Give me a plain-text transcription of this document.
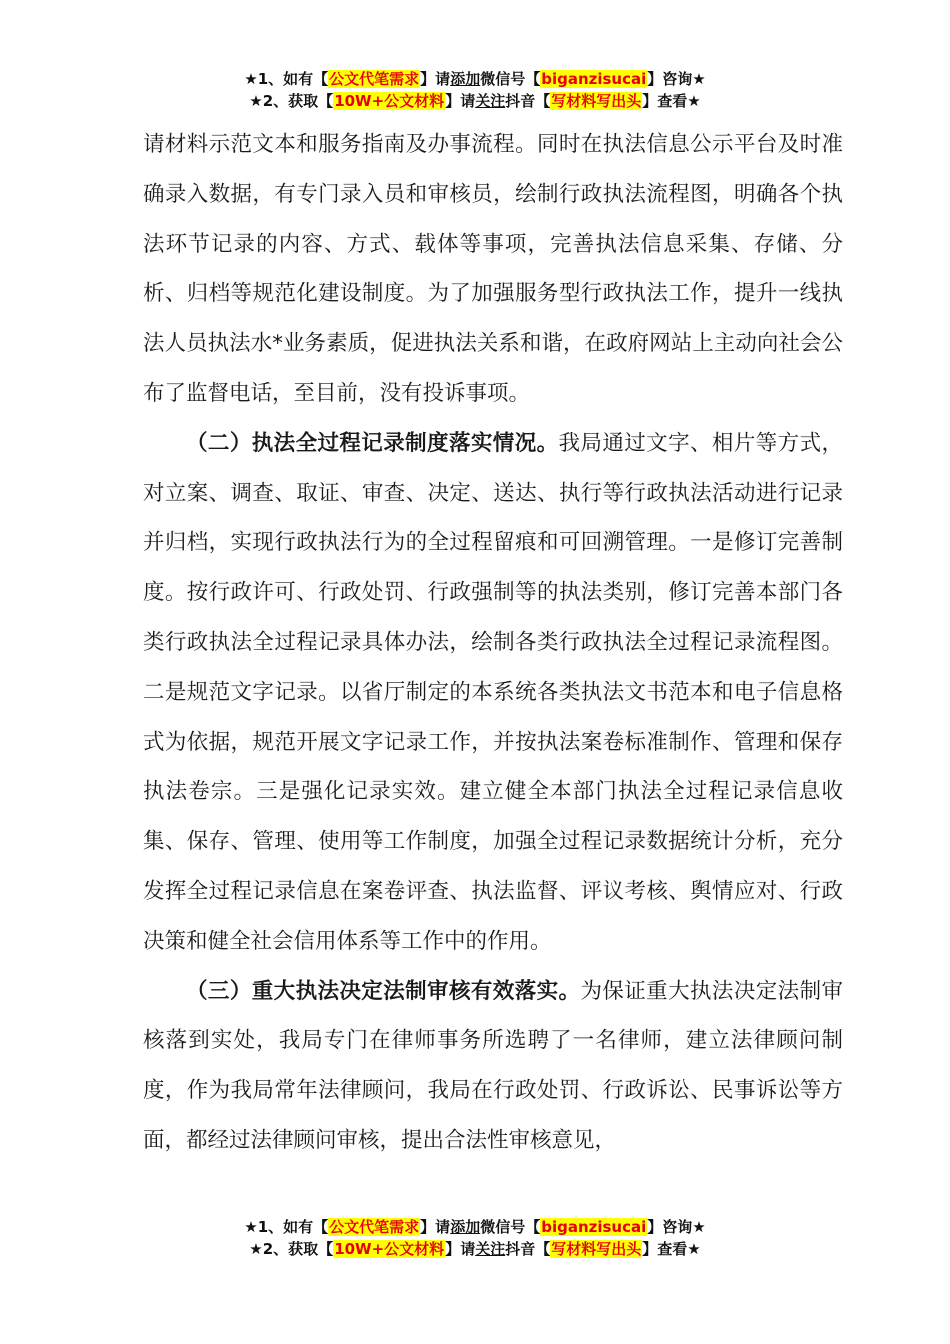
★1、如有【公文代笔需求】请添加微信号【biganzisucai】咨询★
★2、获取【10W+公文材料】请关注抖音【写材料写出头】查看★

请材料示范文本和服务指南及办事流程。同时在执法信息公示平台及时准确录入数据，有专门录入员和审核员，绘制行政执法流程图，明确各个执法环节记录的内容、方式、载体等事项，完善执法信息采集、存储、分析、归档等规范化建设制度。为了加强服务型行政执法工作，提升一线执法人员执法水*业务素质，促进执法关系和谐，在政府网站上主动向社会公布了监督电话，至目前，没有投诉事项。

（二）执法全过程记录制度落实情况。我局通过文字、相片等方式，对立案、调查、取证、审查、决定、送达、执行等行政执法活动进行记录并归档，实现行政执法行为的全过程留痕和可回溯管理。一是修订完善制度。按行政许可、行政处罚、行政强制等的执法类别，修订完善本部门各类行政执法全过程记录具体办法，绘制各类行政执法全过程记录流程图。二是规范文字记录。以省厅制定的本系统各类执法文书范本和电子信息格式为依据，规范开展文字记录工作，并按执法案卷标准制作、管理和保存执法卷宗。三是强化记录实效。建立健全本部门执法全过程记录信息收集、保存、管理、使用等工作制度，加强全过程记录数据统计分析，充分发挥全过程记录信息在案卷评查、执法监督、评议考核、舆情应对、行政决策和健全社会信用体系等工作中的作用。

（三）重大执法决定法制审核有效落实。为保证重大执法决定法制审核落到实处，我局专门在律师事务所选聘了一名律师，建立法律顾问制度，作为我局常年法律顾问，我局在行政处罚、行政诉讼、民事诉讼等方面，都经过法律顾问审核，提出合法性审核意见，

★1、如有【公文代笔需求】请添加微信号【biganzisucai】咨询★
★2、获取【10W+公文材料】请关注抖音【写材料写出头】查看★
